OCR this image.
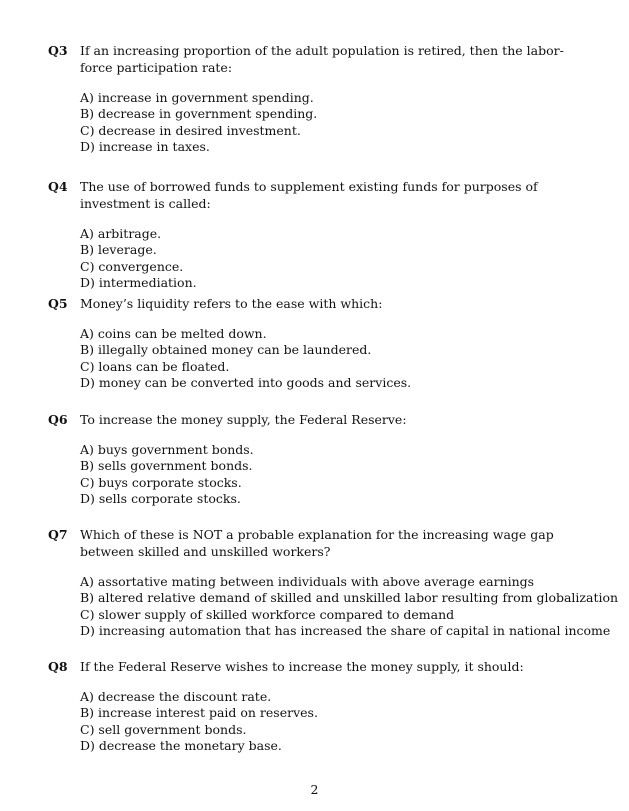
Q3 If an increasing proportion of the adult population is retired, then the labor-force participation rate:
A) increase in government spending.
B) decrease in government spending.
C) decrease in desired investment.
D) increase in taxes.
Q4 The use of borrowed funds to supplement existing funds for purposes of investment is called:
A) arbitrage.
B) leverage.
C) convergence.
D) intermediation.
Q5 Money’s liquidity refers to the ease with which:
A) coins can be melted down.
B) illegally obtained money can be laundered.
C) loans can be floated.
D) money can be converted into goods and services.
Q6 To increase the money supply, the Federal Reserve:
A) buys government bonds.
B) sells government bonds.
C) buys corporate stocks.
D) sells corporate stocks.
Q7 Which of these is NOT a probable explanation for the increasing wage gap between skilled and unskilled workers?
A) assortative mating between individuals with above average earnings
B) altered relative demand of skilled and unskilled labor resulting from globalization
C) slower supply of skilled workforce compared to demand
D) increasing automation that has increased the share of capital in national income
Q8 If the Federal Reserve wishes to increase the money supply, it should:
A) decrease the discount rate.
B) increase interest paid on reserves.
C) sell government bonds.
D) decrease the monetary base.
2
